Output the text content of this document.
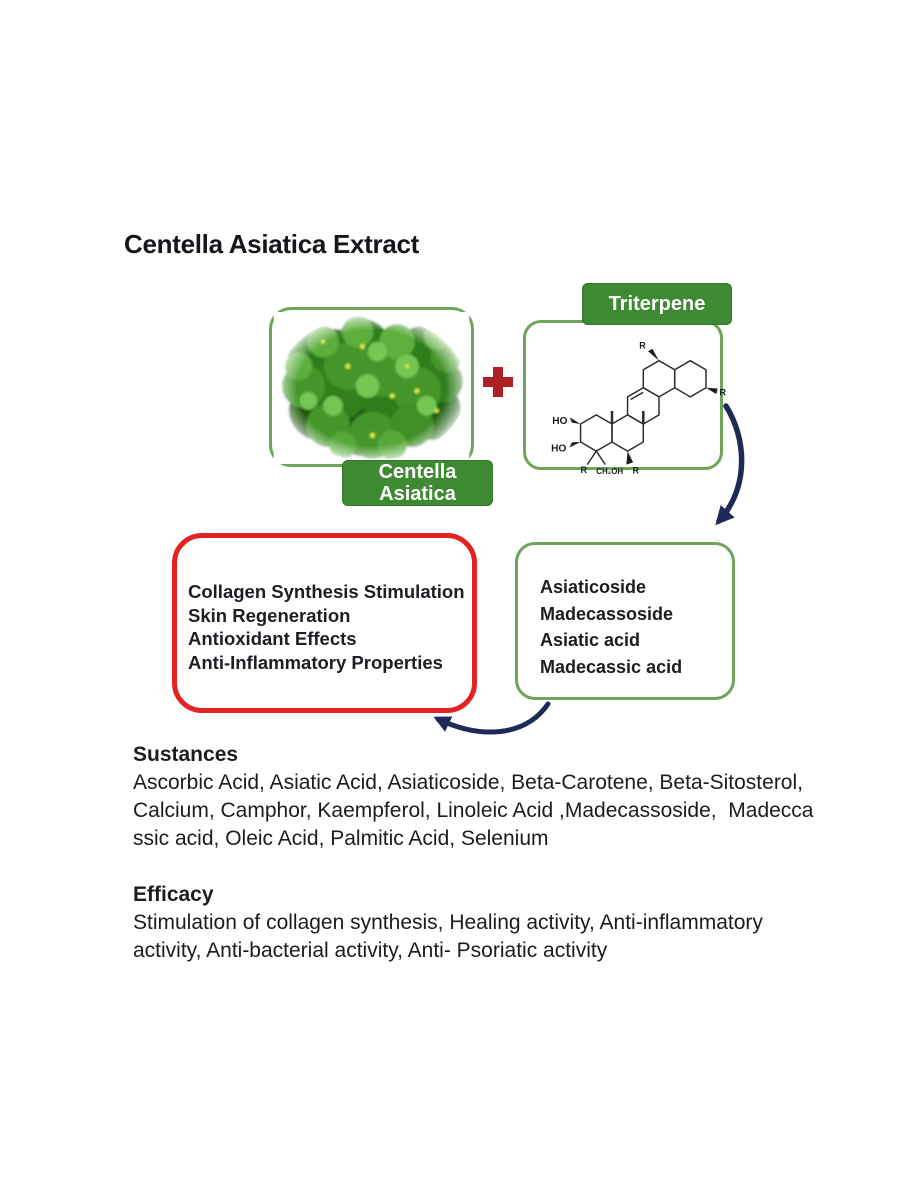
Centella Asiatica Extract
Centella
Asiatica
HO
HO
R CH₂OH R
R
R
Triterpene
Asiaticoside
Madecassoside
Asiatic acid
Madecassic acid
Collagen Synthesis Stimulation
Skin Regeneration
Antioxidant Effects
Anti-Inflammatory Properties
Sustances
Ascorbic Acid, Asiatic Acid, Asiaticoside, Beta-Carotene, Beta-Sitosterol,
Calcium, Camphor, Kaempferol, Linoleic Acid ,Madecassoside,  Madecca
ssic acid, Oleic Acid, Palmitic Acid, Selenium
Efficacy
Stimulation of collagen synthesis, Healing activity, Anti-inflammatory
activity, Anti-bacterial activity, Anti- Psoriatic activity
